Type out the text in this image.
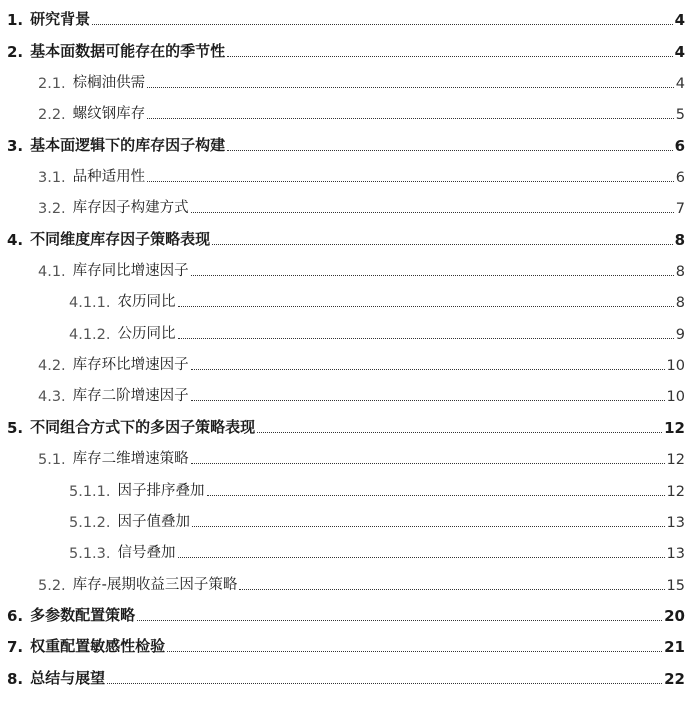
1. 研究背景	4
2. 基本面数据可能存在的季节性	4
2.1. 棕榈油供需	4
2.2. 螺纹钢库存	5
3. 基本面逻辑下的库存因子构建	6
3.1. 品种适用性	6
3.2. 库存因子构建方式	7
4. 不同维度库存因子策略表现	8
4.1. 库存同比增速因子	8
4.1.1. 农历同比	8
4.1.2. 公历同比	9
4.2. 库存环比增速因子	10
4.3. 库存二阶增速因子	10
5. 不同组合方式下的多因子策略表现	12
5.1. 库存二维增速策略	12
5.1.1. 因子排序叠加	12
5.1.2. 因子值叠加	13
5.1.3. 信号叠加	13
5.2. 库存-展期收益三因子策略	15
6. 多参数配置策略	20
7. 权重配置敏感性检验	21
8. 总结与展望	22
